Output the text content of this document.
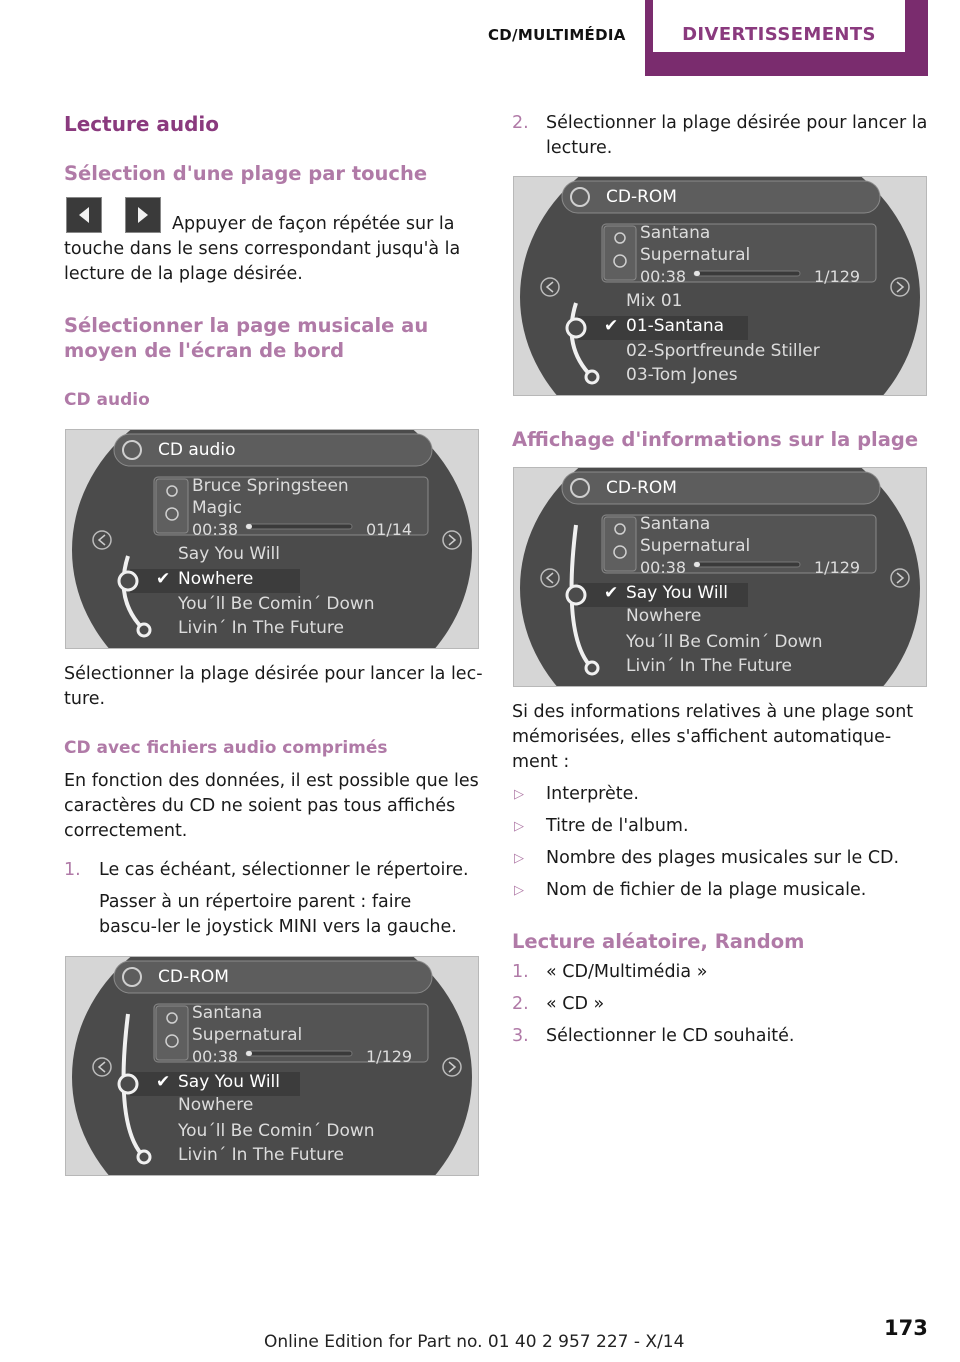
CD/MULTIMÉDIA	DIVERTISSEMENTS
Lecture audio
Sélection d'une plage par touche

Appuyer de façon répétée sur la touche dans le sens correspondant jusqu'à la lecture de la plage désirée.

Sélectionner la page musicale au
moyen de l'écran de bord
CD audio
CD audio
Bruce Springsteen
Magic
00:38	01/14
Say You Will
Nowhere
You´ll Be Comin´ Down
Livin´ In The Future
✔

Sélectionner la plage désirée pour lancer la lec-

ture.

CD avec fichiers audio comprimés

En fonction des données, il est possible que les caractères du CD ne soient pas tous affichés correctement.

1. Le cas échéant, sélectionner le répertoire.

Passer à un répertoire parent : faire bascu-ler le joystick MINI vers la gauche.

CD-ROM
Santana
Supernatural
00:38	1/129
Say You Will
Nowhere
You´ll Be Comin´ Down
Livin´ In The Future
✔
2. Sélectionner la plage désirée pour lancer la lecture.

CD-ROM
Santana
Supernatural
00:38	1/129
Mix 01
01-Santana
02-Sportfreunde Stiller
03-Tom Jones
✔
Affichage d'informations sur la plage
CD-ROM
Santana
Supernatural
00:38	1/129
Say You Will
Nowhere
You´ll Be Comin´ Down
Livin´ In The Future
✔

Si des informations relatives à une plage sont mémorisées, elles s'affichent automatique-ment :

▷ Interprète.

▷ Titre de l'album.

▷ Nombre des plages musicales sur le CD.

▷ Nom de fichier de la plage musicale.

Lecture aléatoire, Random
1. « CD/Multimédia »

2. « CD »

3. Sélectionner le CD souhaité.

173
Online Edition for Part no. 01 40 2 957 227 - X/14
